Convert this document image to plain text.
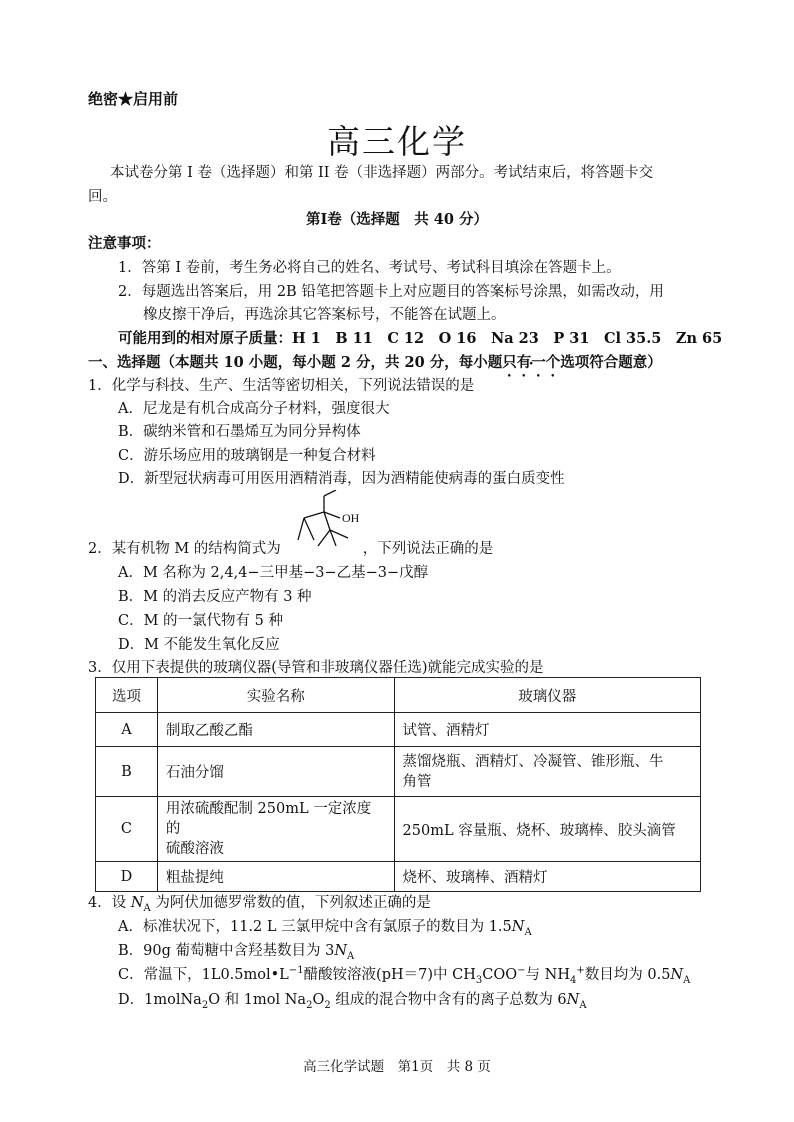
绝密★启用前
高三化学
本试卷分第 I 卷（选择题）和第 II 卷（非选择题）两部分。考试结束后，将答题卡交
回。
第Ⅰ卷（选择题　共 40 分）
注意事项：
1．答第 I 卷前，考生务必将自己的姓名、考试号、考试科目填涂在答题卡上。
2．每题选出答案后，用 2B 铅笔把答题卡上对应题目的答案标号涂黑，如需改动，用
橡皮擦干净后，再选涂其它答案标号，不能答在试题上。
可能用到的相对原子质量：H 1　B 11　C 12　O 16　Na 23　P 31　Cl 35.5　Zn 65
一、选择题（本题共 10 小题，每小题 2 分，共 20 分，每小题只有一个选项符合题意）
1．化学与科技、生产、生活等密切相关，下列说法错误的是
A．尼龙是有机合成高分子材料，强度很大
B．碳纳米管和石墨烯互为同分异构体
C．游乐场应用的玻璃钢是一种复合材料
D．新型冠状病毒可用医用酒精消毒，因为酒精能使病毒的蛋白质变性
2．某有机物 M 的结构简式为	，下列说法正确的是
OH
A．M 名称为 2,4,4−三甲基−3−乙基−3−戊醇
B．M 的消去反应产物有 3 种
C．M 的一氯代物有 5 种
D．M 不能发生氧化反应
3．仅用下表提供的玻璃仪器(导管和非玻璃仪器任选)就能完成实验的是
选项	实验名称	玻璃仪器
A	制取乙酸乙酯	试管、酒精灯
B	石油分馏	蒸馏烧瓶、酒精灯、冷凝管、锥形瓶、牛
角管

C	用浓硫酸配制 250mL 一定浓度的
硫酸溶液	250mL 容量瓶、烧杯、玻璃棒、胶头滴管
D	粗盐提纯	烧杯、玻璃棒、酒精灯
4．设 $N_A$ 为阿伏加德罗常数的值，下列叙述正确的是
A．标准状况下，11.2 L 三氯甲烷中含有氯原子的数目为 $1.5N_A$
B．90g 葡萄糖中含羟基数目为 $3N_A$
C．常温下，$1L0.5mol•L^{-1}$醋酸铵溶液(pH＝7)中 $CH_3COO^-$与 $NH_4^+$数目均为 $0.5N_A$
D．1molNa$_2$O 和 1mol $Na_2O_2$ 组成的混合物中含有的离子总数为 $6N_A$
高三化学试题　第1页　共 8 页
